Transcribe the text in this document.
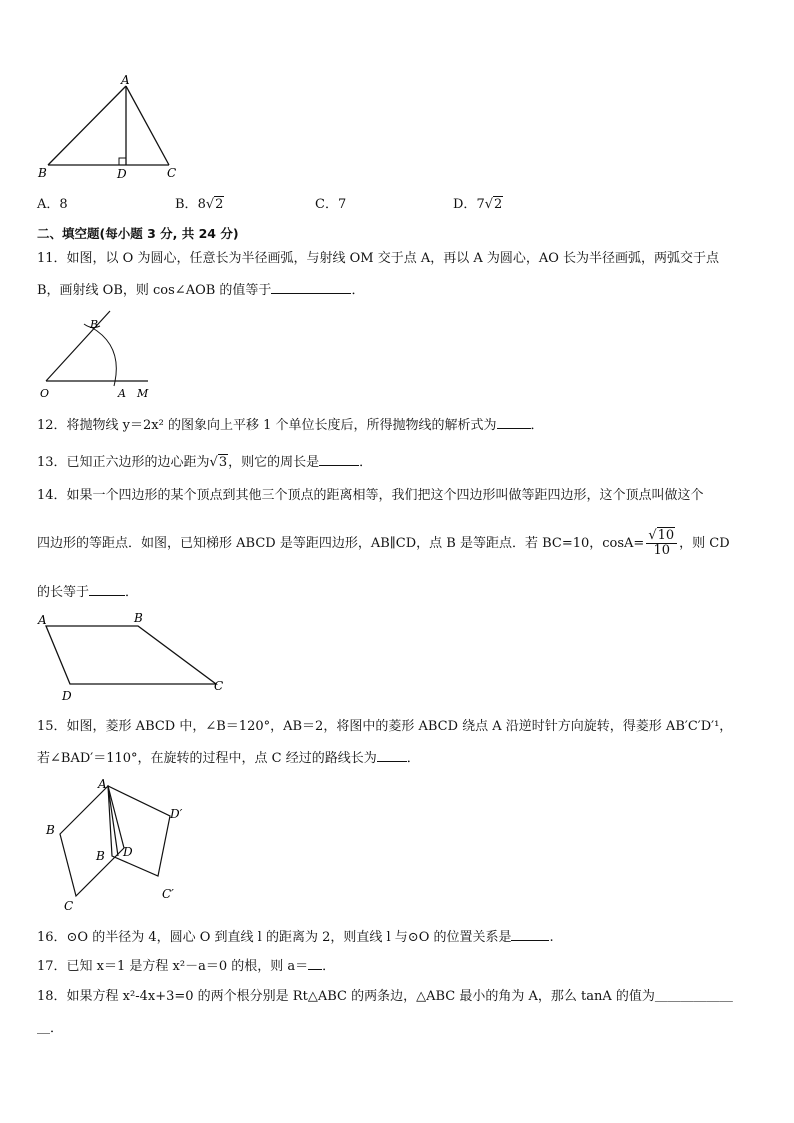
A
B	D	C
A．8	B．8√2	C．7	D．7√2
二、填空题(每小题 3 分, 共 24 分)
11．如图，以 O 为圆心，任意长为半径画弧，与射线 OM 交于点 A，再以 A 为圆心，AO 长为半径画弧，两弧交于点
B，画射线 OB，则 cos∠AOB 的值等于	．
O	A M
B
12．将抛物线 y＝2x² 的图象向上平移 1 个单位长度后，所得抛物线的解析式为	．
13．已知正六边形的边心距为√3，则它的周长是	．
14．如果一个四边形的某个顶点到其他三个顶点的距离相等，我们把这个四边形叫做等距四边形，这个顶点叫做这个
四边形的等距点．如图，已知梯形 ABCD 是等距四边形，AB∥CD，点 B 是等距点．若 BC=10，$\cos A= \frac{√10}{10}$ ，则 CD
的长等于	．
A	B
C
D
15．如图，菱形 ABCD 中，∠B＝120°，AB＝2，将图中的菱形 ABCD 绕点 A 沿逆时针方向旋转，得菱形 AB′C′D′¹，
若∠BAD′＝110°，在旋转的过程中，点 C 经过的路线长为 ．
A
B
C
D
B
D′
C′
16．⊙O 的半径为 4，圆心 O 到直线 l 的距离为 2，则直线 l 与⊙O 的位置关系是	.
17．已知 x＝1 是方程 x²－a＝0 的根，则 a＝ ．
18．如果方程 x²-4x+3=0 的两个根分别是 Rt△ABC 的两条边，△ABC 最小的角为 A，那么 tanA 的值为＿＿＿＿＿＿
＿．
